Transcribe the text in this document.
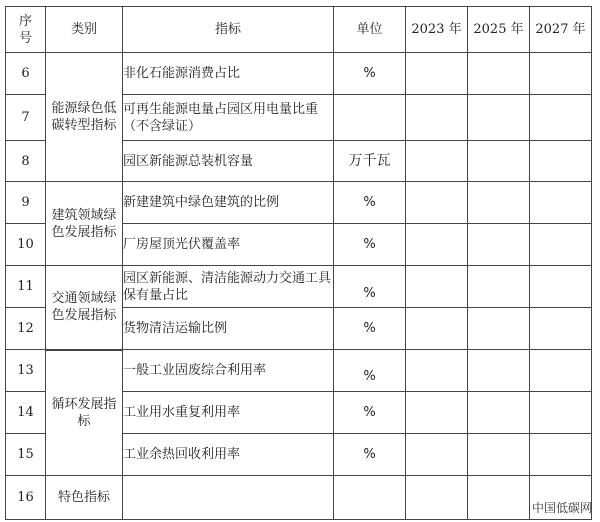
序号	类别	指标	单位	2023 年	2025 年	2027 年
6	能源绿色低碳转型指标	非化石能源消费占比	%			
7		可再生能源电量占园区用电量比重（不含绿证）				
8		园区新能源总装机容量	万千瓦			
9	建筑领域绿色发展指标	新建建筑中绿色建筑的比例	%			
10		厂房屋顶光伏覆盖率	%			
11	交通领域绿色发展指标	园区新能源、清洁能源动力交通工具保有量占比	%			
12		货物清洁运输比例	%			
13	循环发展指标	一般工业固废综合利用率	%			
14		工业用水重复利用率	%			
15		工业余热回收利用率	%			
16	特色指标					
中国低碳网
